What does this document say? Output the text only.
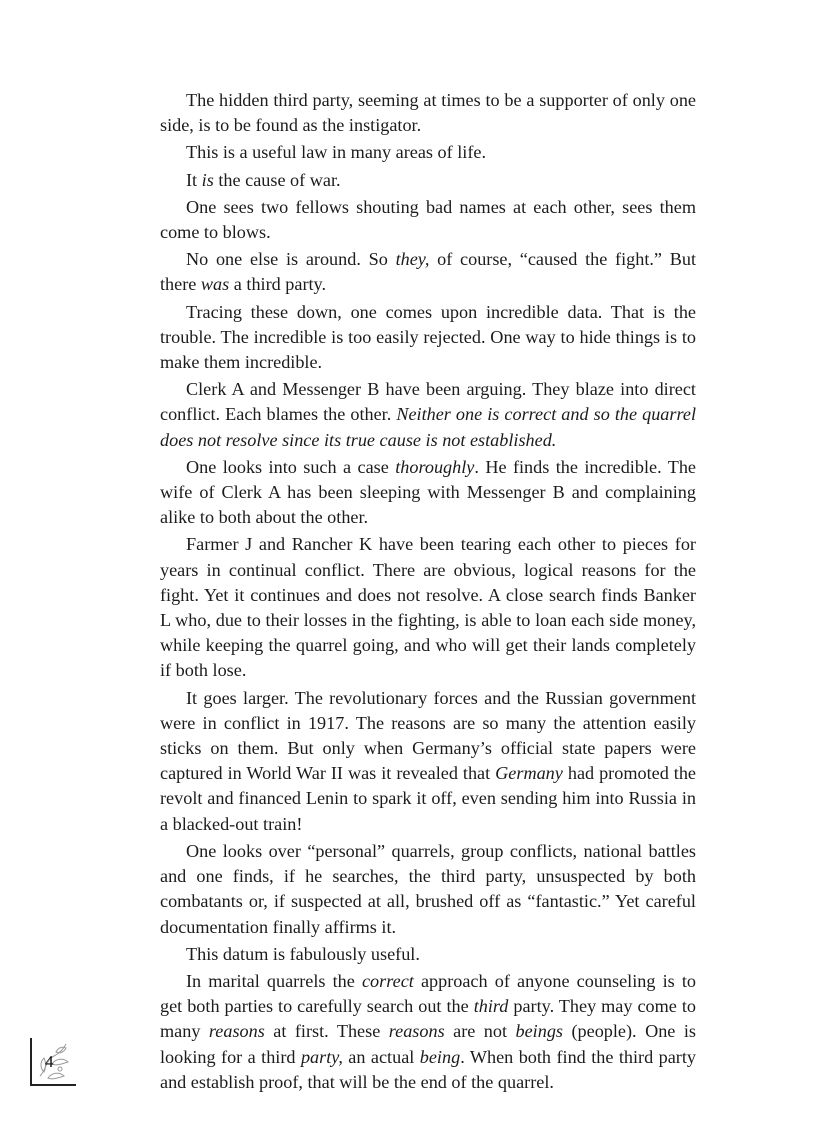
The hidden third party, seeming at times to be a supporter of only one side, is to be found as the instigator.

This is a useful law in many areas of life.

It is the cause of war.

One sees two fellows shouting bad names at each other, sees them come to blows.

No one else is around. So they, of course, “caused the fight.” But there was a third party.

Tracing these down, one comes upon incredible data. That is the trouble. The incredible is too easily rejected. One way to hide things is to make them incredible.

Clerk A and Messenger B have been arguing. They blaze into direct conflict. Each blames the other. Neither one is correct and so the quarrel does not resolve since its true cause is not established.

One looks into such a case thoroughly. He finds the incredible. The wife of Clerk A has been sleeping with Messenger B and complaining alike to both about the other.

Farmer J and Rancher K have been tearing each other to pieces for years in continual conflict. There are obvious, logical reasons for the fight. Yet it continues and does not resolve. A close search finds Banker L who, due to their losses in the fighting, is able to loan each side money, while keeping the quarrel going, and who will get their lands completely if both lose.

It goes larger. The revolutionary forces and the Russian government were in conflict in 1917. The reasons are so many the attention easily sticks on them. But only when Germany’s official state papers were captured in World War II was it revealed that Germany had promoted the revolt and financed Lenin to spark it off, even sending him into Russia in a blacked-out train!

One looks over “personal” quarrels, group conflicts, national battles and one finds, if he searches, the third party, unsuspected by both combatants or, if suspected at all, brushed off as “fantastic.” Yet careful documentation finally affirms it.

This datum is fabulously useful.

In marital quarrels the correct approach of anyone counseling is to get both parties to carefully search out the third party. They may come to many reasons at first. These reasons are not beings (people). One is looking for a third party, an actual being. When both find the third party and establish proof, that will be the end of the quarrel.

4
